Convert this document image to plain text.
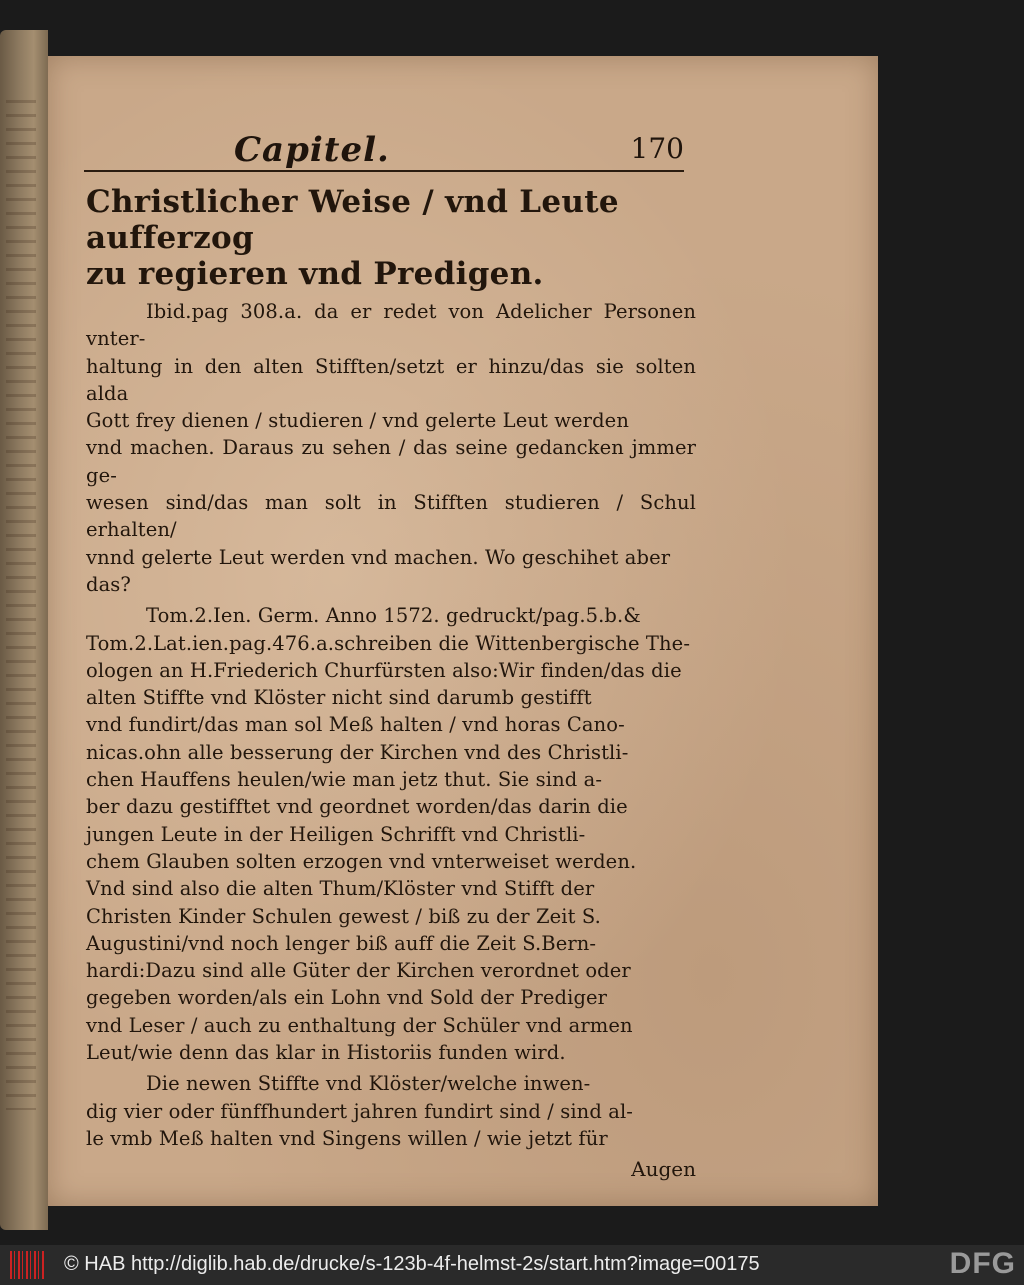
Capitel.	170
Christlicher Weise / vnd Leute aufferzog
zu regieren vnd Predigen.

Ibid.pag 308.a. da er redet von Adelicher Personen vnter-
haltung in den alten Stifften/setzt er hinzu/das sie solten alda
Gott frey dienen / studieren / vnd gelerte Leut werden
vnd machen. Daraus zu sehen / das seine gedancken jmmer ge-
wesen sind/das man solt in Stifften studieren / Schul erhalten/
vnnd gelerte Leut werden vnd machen. Wo geschihet aber
das?

Tom.2.Ien. Germ. Anno 1572. gedruckt/pag.5.b.&
Tom.2.Lat.ien.pag.476.a.schreiben die Wittenbergische The-
ologen an H.Friederich Churfürsten also:Wir finden/das die
alten Stiffte vnd Klöster nicht sind darumb gestifft
vnd fundirt/das man sol Meß halten / vnd horas Cano-
nicas.ohn alle besserung der Kirchen vnd des Christli-
chen Hauffens heulen/wie man jetz thut. Sie sind a-
ber dazu gestifftet vnd geordnet worden/das darin die
jungen Leute in der Heiligen Schrifft vnd Christli-
chem Glauben solten erzogen vnd vnterweiset werden.
Vnd sind also die alten Thum/Klöster vnd Stifft der
Christen Kinder Schulen gewest / biß zu der Zeit S.
Augustini/vnd noch lenger biß auff die Zeit S.Bern-
hardi:Dazu sind alle Güter der Kirchen verordnet oder
gegeben worden/als ein Lohn vnd Sold der Prediger
vnd Leser / auch zu enthaltung der Schüler vnd armen
Leut/wie denn das klar in Historiis funden wird.

Die newen Stiffte vnd Klöster/welche inwen-
dig vier oder fünffhundert jahren fundirt sind / sind al-
le vmb Meß halten vnd Singens willen / wie jetzt für

Augen
© HAB http://diglib.hab.de/drucke/s-123b-4f-helmst-2s/start.htm?image=00175	DFG
